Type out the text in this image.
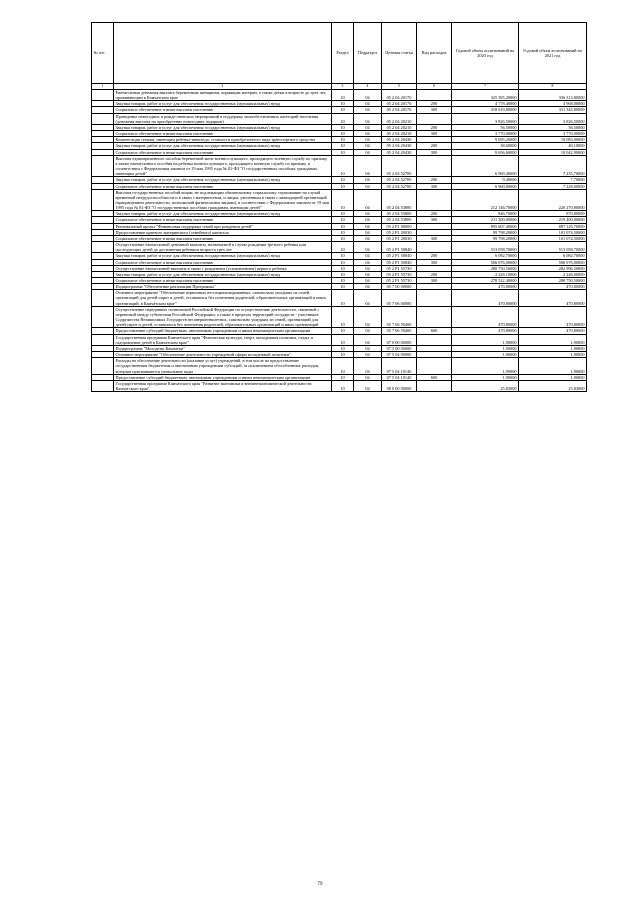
№ п/п		Раздел	Подраздел	Целевая статья	Вид расходов	Годовой объем ассигнований на 2020 год	Годовой объем ассигнований на 2021 год
1	2	3	4	5	6	7	8
	Ежемесячная денежная выплата беременным женщинам, кормящим матерям, а также детям в возрасте до трех лет, проживающим в Камчатском крае	10	04	05 2 04 20170		325 395,20000	336 313,80000
	Закупка товаров, работ и услуг для обеспечения государственных (муниципальных) нужд	10	04	05 2 04 20170	200	4 778,40000	4 968,00000
	Социальное обеспечение и иные выплаты населению	10	04	05 2 04 20170	300	318 619,80000	331 345,80000
	Проведение новогодних и рождественских мероприятий в поддержку малообеспеченных категорий населения (денежная выплата на приобретение новогодних подарков)	10	04	05 2 04 20210		3 826,50000	3 826,50000
	Закупка товаров, работ и услуг для обеспечения государственных (муниципальных) нужд	10	04	05 2 04 20210	200	56,50000	56,50000
	Социальное обеспечение и иные выплаты населению	10	04	05 2 04 20210	300	3 770,00000	3 770,00000
	Компенсация семьям, имеющим ребенка-инвалида, стоимости приобретенного вида транспортного средства	10	04	05 2 04 20430		9 695,20000	10 083,00000
	Закупка товаров, работ и услуг для обеспечения государственных (муниципальных) нужд	10	04	05 2 04 20430	200	38,60000	40,10000
	Социальное обеспечение и иные выплаты населению	10	04	05 2 04 20430	300	9 656,60000	10 042,90000
	Выплата единовременного пособия беременной жене военнослужащего, проходящего военную службу по призыву, а также ежемесячного пособия на ребенка военнослужащего, проходящего военную службу по призыву, в соответствии с Федеральным законом от 19 мая 1995 года № 81-ФЗ "О государственных пособиях гражданам, имеющим детей"	10	04	05 2 04 52700		6 969,40000	7 235,70000
	Закупка товаров, работ и услуг для обеспечения государственных (муниципальных) нужд	10	04	05 2 04 52700	200	9,40000	7,70000
	Социальное обеспечение и иные выплаты населению	10	04	05 2 04 52700	300	6 960,00000	7 228,00000
	Выплата государственных пособий лицам, не подлежащим обязательному социальному страхованию на случай временной нетрудоспособности и в связи с материнством, и лицам, уволенным в связи с ликвидацией организаций (прекращением деятельности, полномочий физическими лицами), в соответствии с Федеральным законом от 19 мая 1995 года № 81-ФЗ "О государственных пособиях гражданам, имеющим детей"	10	04	05 2 04 53800		212 146,70000	220 270,80000
	Закупка товаров, работ и услуг для обеспечения государственных (муниципальных) нужд	10	04	05 2 04 53800	200	846,70000	870,80000
	Социальное обеспечение и иные выплаты населению	10	04	05 2 04 53800	300	211 300,00000	219 400,00000
	Региональный проект "Финансовая поддержка семей при рождении детей"	10	04	05 2 P1 00000		895 607,40000	897 129,70000
	Предоставление краевого материнского (семейного) капитала	10	04	05 2 P1 20030		99 798,20000	101 074,50000
	Социальное обеспечение и иные выплаты населению	10	04	05 2 P1 20030	300	99 798,20000	101 074,50000
	Осуществление ежемесячной денежной выплаты, назначаемой в случае рождения третьего ребенка или последующих детей до достижения ребенком возраста трех лет	10	04	05 2 P1 50840		513 058,70000	513 058,70000
	Закупка товаров, работ и услуг для обеспечения государственных (муниципальных) нужд	10	04	05 2 P1 50840	200	6 082,70000	6 082,70000
	Социальное обеспечение и иные выплаты населению	10	04	05 2 P1 50840	300	506 976,00000	506 976,00000
	Осуществление ежемесячной выплаты в связи с рождением (усыновлением) первого ребенка	10	04	05 2 P1 55730		280 750,50000	282 996,50000
	Закупка товаров, работ и услуг для обеспечения государственных (муниципальных) нужд	10	04	05 2 P1 55730	200	2 228,10000	2 246,00000
	Социальное обеспечение и иные выплаты населению	10	04	05 2 P1 55730	300	278 522,40000	280 750,50000
	Подпрограмма "Обеспечение реализации Программы"	10	04	05 7 00 00000		470,80000	470,80000
	Основное мероприятие "Обеспечение первичных неспециализированных, самовольно ушедших из семей, организаций для детей-сирот и детей, оставшихся без попечения родителей, образовательных организаций и иных организаций, в Камчатском крае"	10	04	05 7 06 00000		470,80000	470,80000
	Осуществление переданных полномочий Российской Федерации по осуществлению деятельности, связанной с перевозкой между субъектами Российской Федерации, а также в пределах территорий государств - участников Содружества Независимых Государств несовершеннолетних, самовольно ушедших из семей, организаций для детей-сирот и детей, оставшихся без попечения родителей, образовательных организаций и иных организаций	10	04	05 7 06 59400		470,80000	470,80000
	Предоставление субсидий бюджетным, автономным учреждениям и иным некоммерческим организациям	10	04	05 7 06 59400	600	470,80000	470,80000
	Государственная программа Камчатского края "Физическая культура, спорт, молодежная политика, отдых и оздоровление детей в Камчатском крае"	10	04	07 0 00 00000		1,90000	1,90000
	Подпрограмма "Молодежь Камчатки"	10	04	07 5 00 00000		1,90000	1,90000
	Основное мероприятие "Обеспечение деятельности учреждений сферы молодежной политики"	10	04	07 5 04 00000		1,90000	1,90000
	Расходы на обеспечение деятельности (оказание услуг) учреждений, в том числе на предоставление государственным бюджетным и автономным учреждениям субсидий, за исключением обособленных расходов, которым присваиваются уникальные коды	10	04	07 5 04 10140		1,90000	1,90000
	Предоставление субсидий бюджетным, автономным учреждениям и иным некоммерческим организациям	10	04	07 5 04 10140	600	1,90000	1,90000
	Государственная программа Камчатского края "Развитие экономики и внешнеэкономической деятельности Камчатского края"	10	04	08 0 00 00000		25,83000	25,83000
79
